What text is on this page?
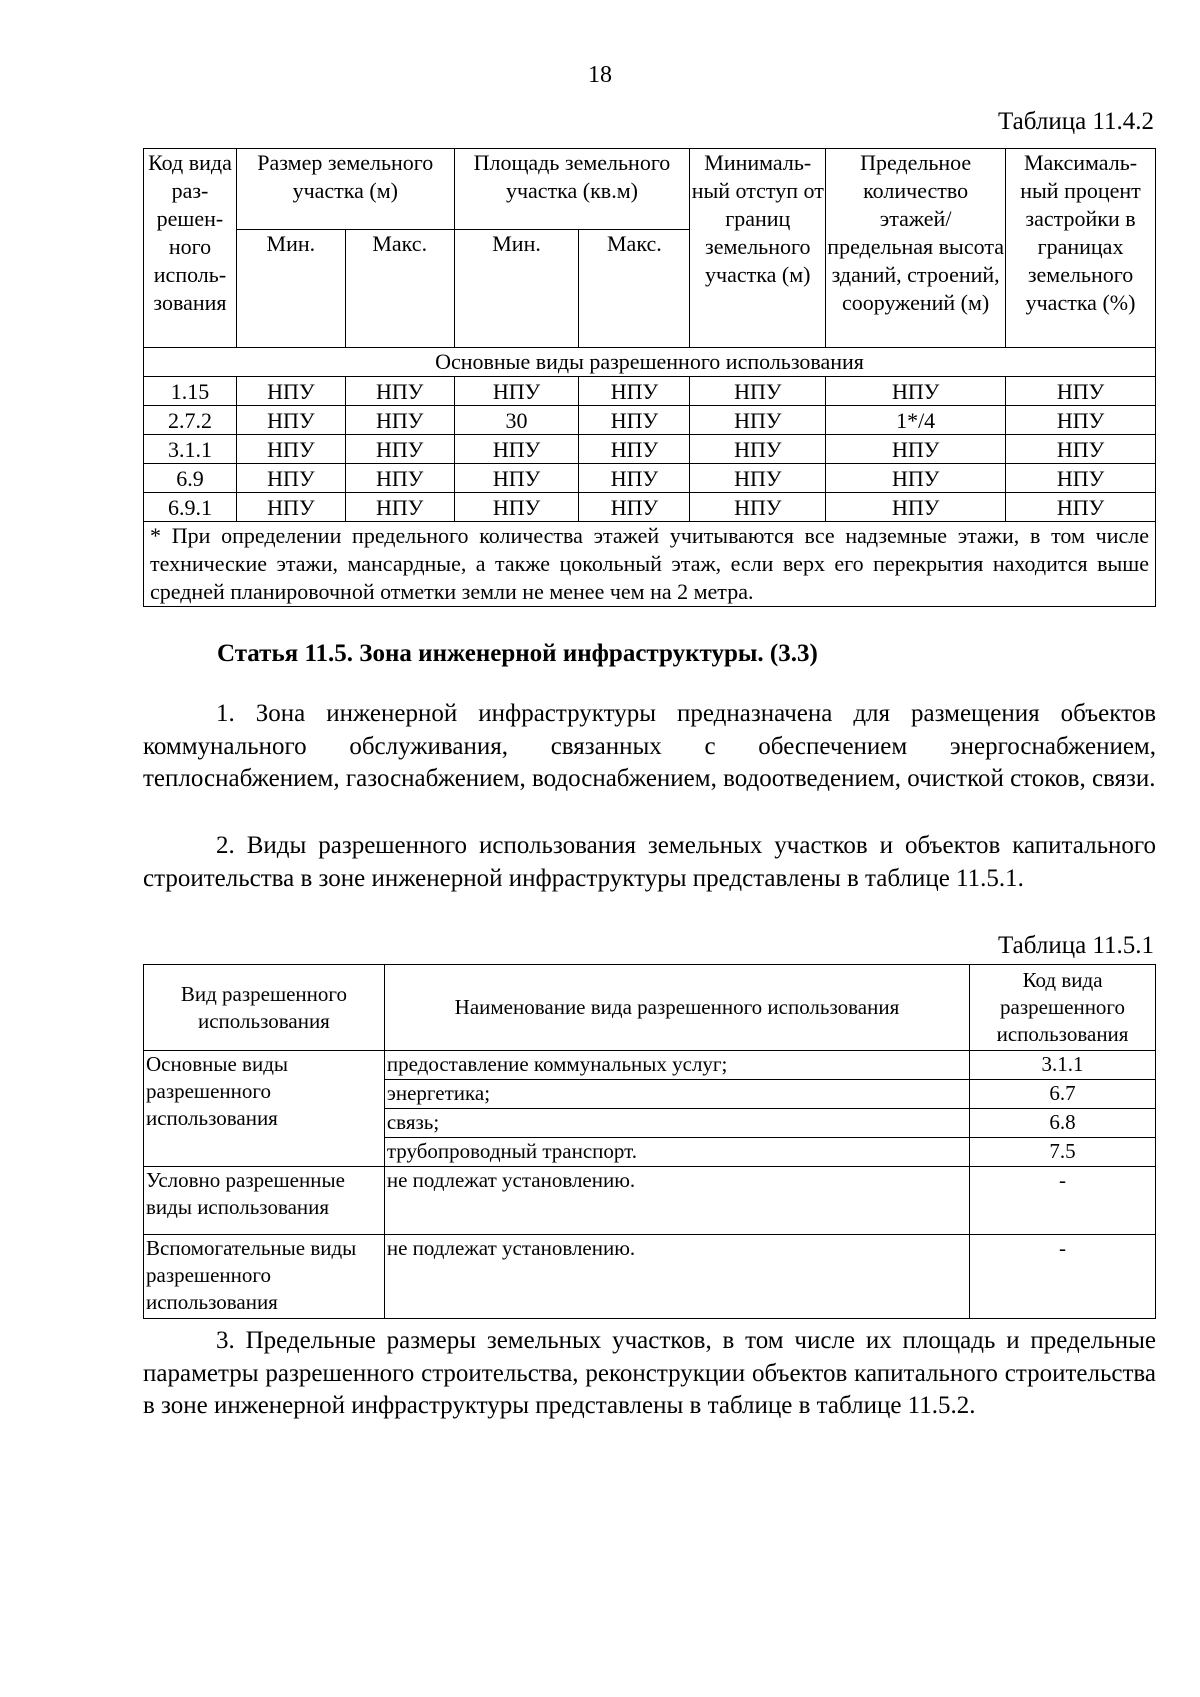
18
Таблица 11.4.2
Код вида раз-решен-ного исполь-зования	Размер земельного участка (м)		Площадь земельного участка (кв.м)		Минималь-ный отступ от границ земельного участка (м)	Предельное количество этажей/ предельная высота зданий, строений, сооружений (м)	Максималь-ный процент застройки в границах земельного участка (%)
	Мин.	Макс.	Мин.	Макс.			
Основные виды разрешенного использования							
1.15	НПУ	НПУ	НПУ	НПУ	НПУ	НПУ	НПУ
2.7.2	НПУ	НПУ	30	НПУ	НПУ	1*/4	НПУ
3.1.1	НПУ	НПУ	НПУ	НПУ	НПУ	НПУ	НПУ
6.9	НПУ	НПУ	НПУ	НПУ	НПУ	НПУ	НПУ
6.9.1	НПУ	НПУ	НПУ	НПУ	НПУ	НПУ	НПУ
* При определении предельного количества этажей учитываются все надземные этажи, в том числе технические этажи, мансардные, а также цокольный этаж, если верх его перекрытия находится выше средней планировочной отметки земли не менее чем на 2 метра.							
Статья 11.5. Зона инженерной инфраструктуры. (3.3)

1. Зона инженерной инфраструктуры предназначена для размещения объектов коммунального обслуживания, связанных с обеспечением энергоснабжением, теплоснабжением, газоснабжением, водоснабжением, водоотведением, очисткой стоков, связи.

2. Виды разрешенного использования земельных участков и объектов капитального строительства в зоне инженерной инфраструктуры представлены в таблице 11.5.1.

Таблица 11.5.1
Вид разрешенного использования	Наименование вида разрешенного использования	Код вида разрешенного использования
Основные виды разрешенного использования	предоставление коммунальных услуг;	3.1.1
	энергетика;	6.7
	связь;	6.8
	трубопроводный транспорт.	7.5
Условно разрешенные виды использования	не подлежат установлению.	-
Вспомогательные виды разрешенного использования	не подлежат установлению.	-

3. Предельные размеры земельных участков, в том числе их площадь и предельные параметры разрешенного строительства, реконструкции объектов капитального строительства в зоне инженерной инфраструктуры представлены в таблице в таблице 11.5.2.
